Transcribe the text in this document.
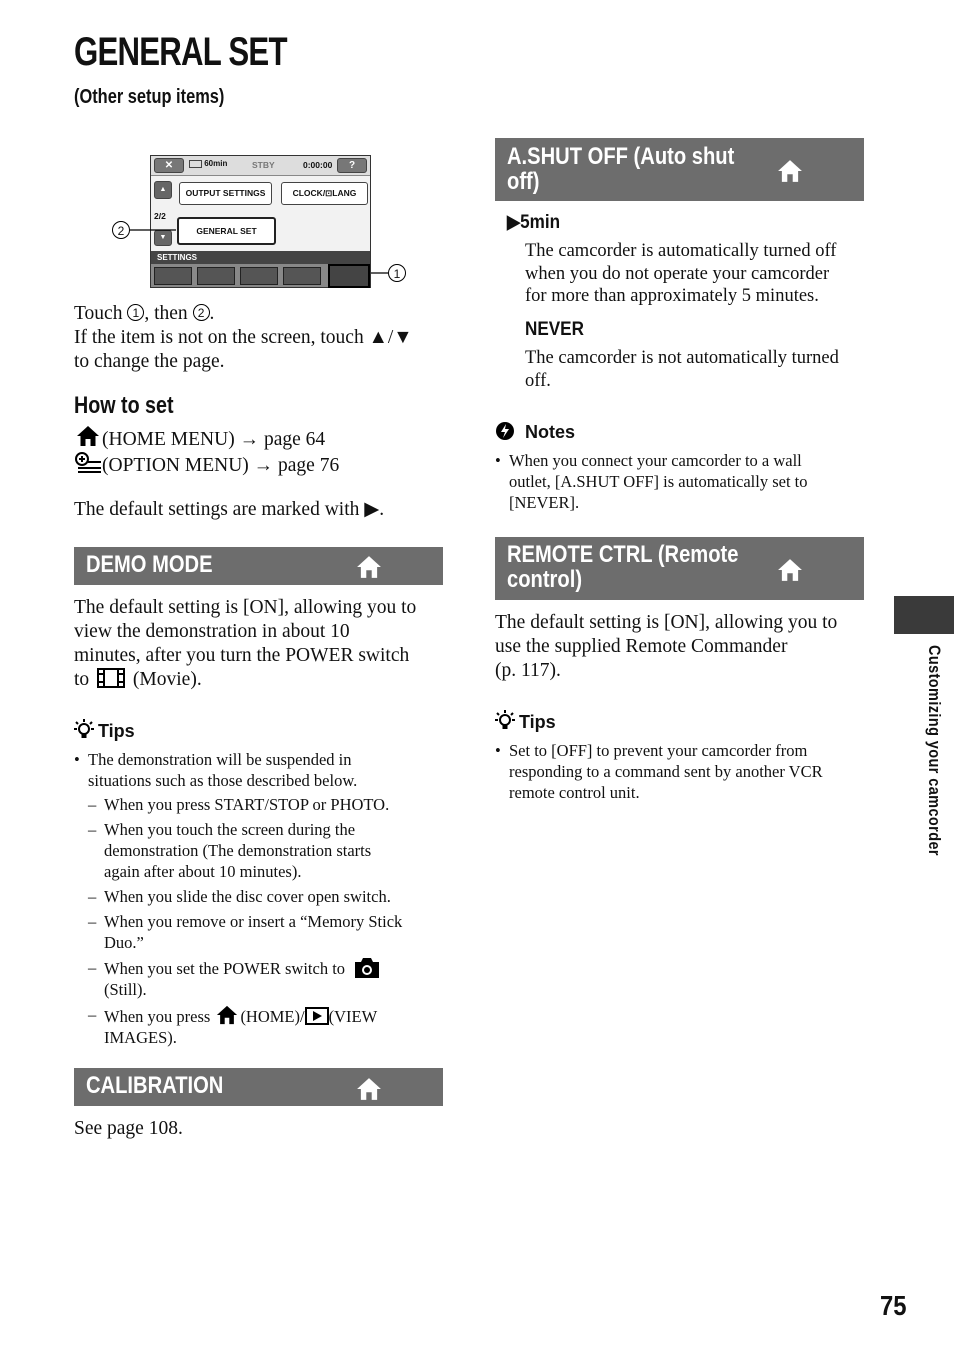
GENERAL SET
(Other setup items)
✕	60min	STBY	0:00:00	?
▲
2/2
▼
OUTPUT SETTINGS	CLOCK/⊡LANG
GENERAL SET
SETTINGS
2
1
Touch 1 , then 2 .
If the item is not on the screen, touch ▲/▼
to change the page.
How to set
(HOME MENU) → page 64
(OPTION MENU) → page 76
The default settings are marked with ▶.
DEMO MODE
The default setting is [ON], allowing you to
view the demonstration in about 10
minutes, after you turn the POWER switch
to (Movie).
Tips
• The demonstration will be suspended in
situations such as those described below.
– When you press START/STOP or PHOTO.
– When you touch the screen during the
demonstration (The demonstration starts
again after about 10 minutes).
– When you slide the disc cover open switch.
– When you remove or insert a “Memory Stick
Duo.”
– When you set the POWER switch to
(Still).
– When you press (HOME)/ (VIEW
IMAGES).
CALIBRATION
See page 108.
A.SHUT OFF (Auto shut
off)
▶5min
The camcorder is automatically turned off
when you do not operate your camcorder
for more than approximately 5 minutes.
NEVER
The camcorder is not automatically turned
off.
Notes
• When you connect your camcorder to a wall
outlet, [A.SHUT OFF] is automatically set to
[NEVER].
REMOTE CTRL (Remote
control)
The default setting is [ON], allowing you to
use the supplied Remote Commander
(p. 117).
Tips
• Set to [OFF] to prevent your camcorder from
responding to a command sent by another VCR
remote control unit.	Customizing your camcorder
75
